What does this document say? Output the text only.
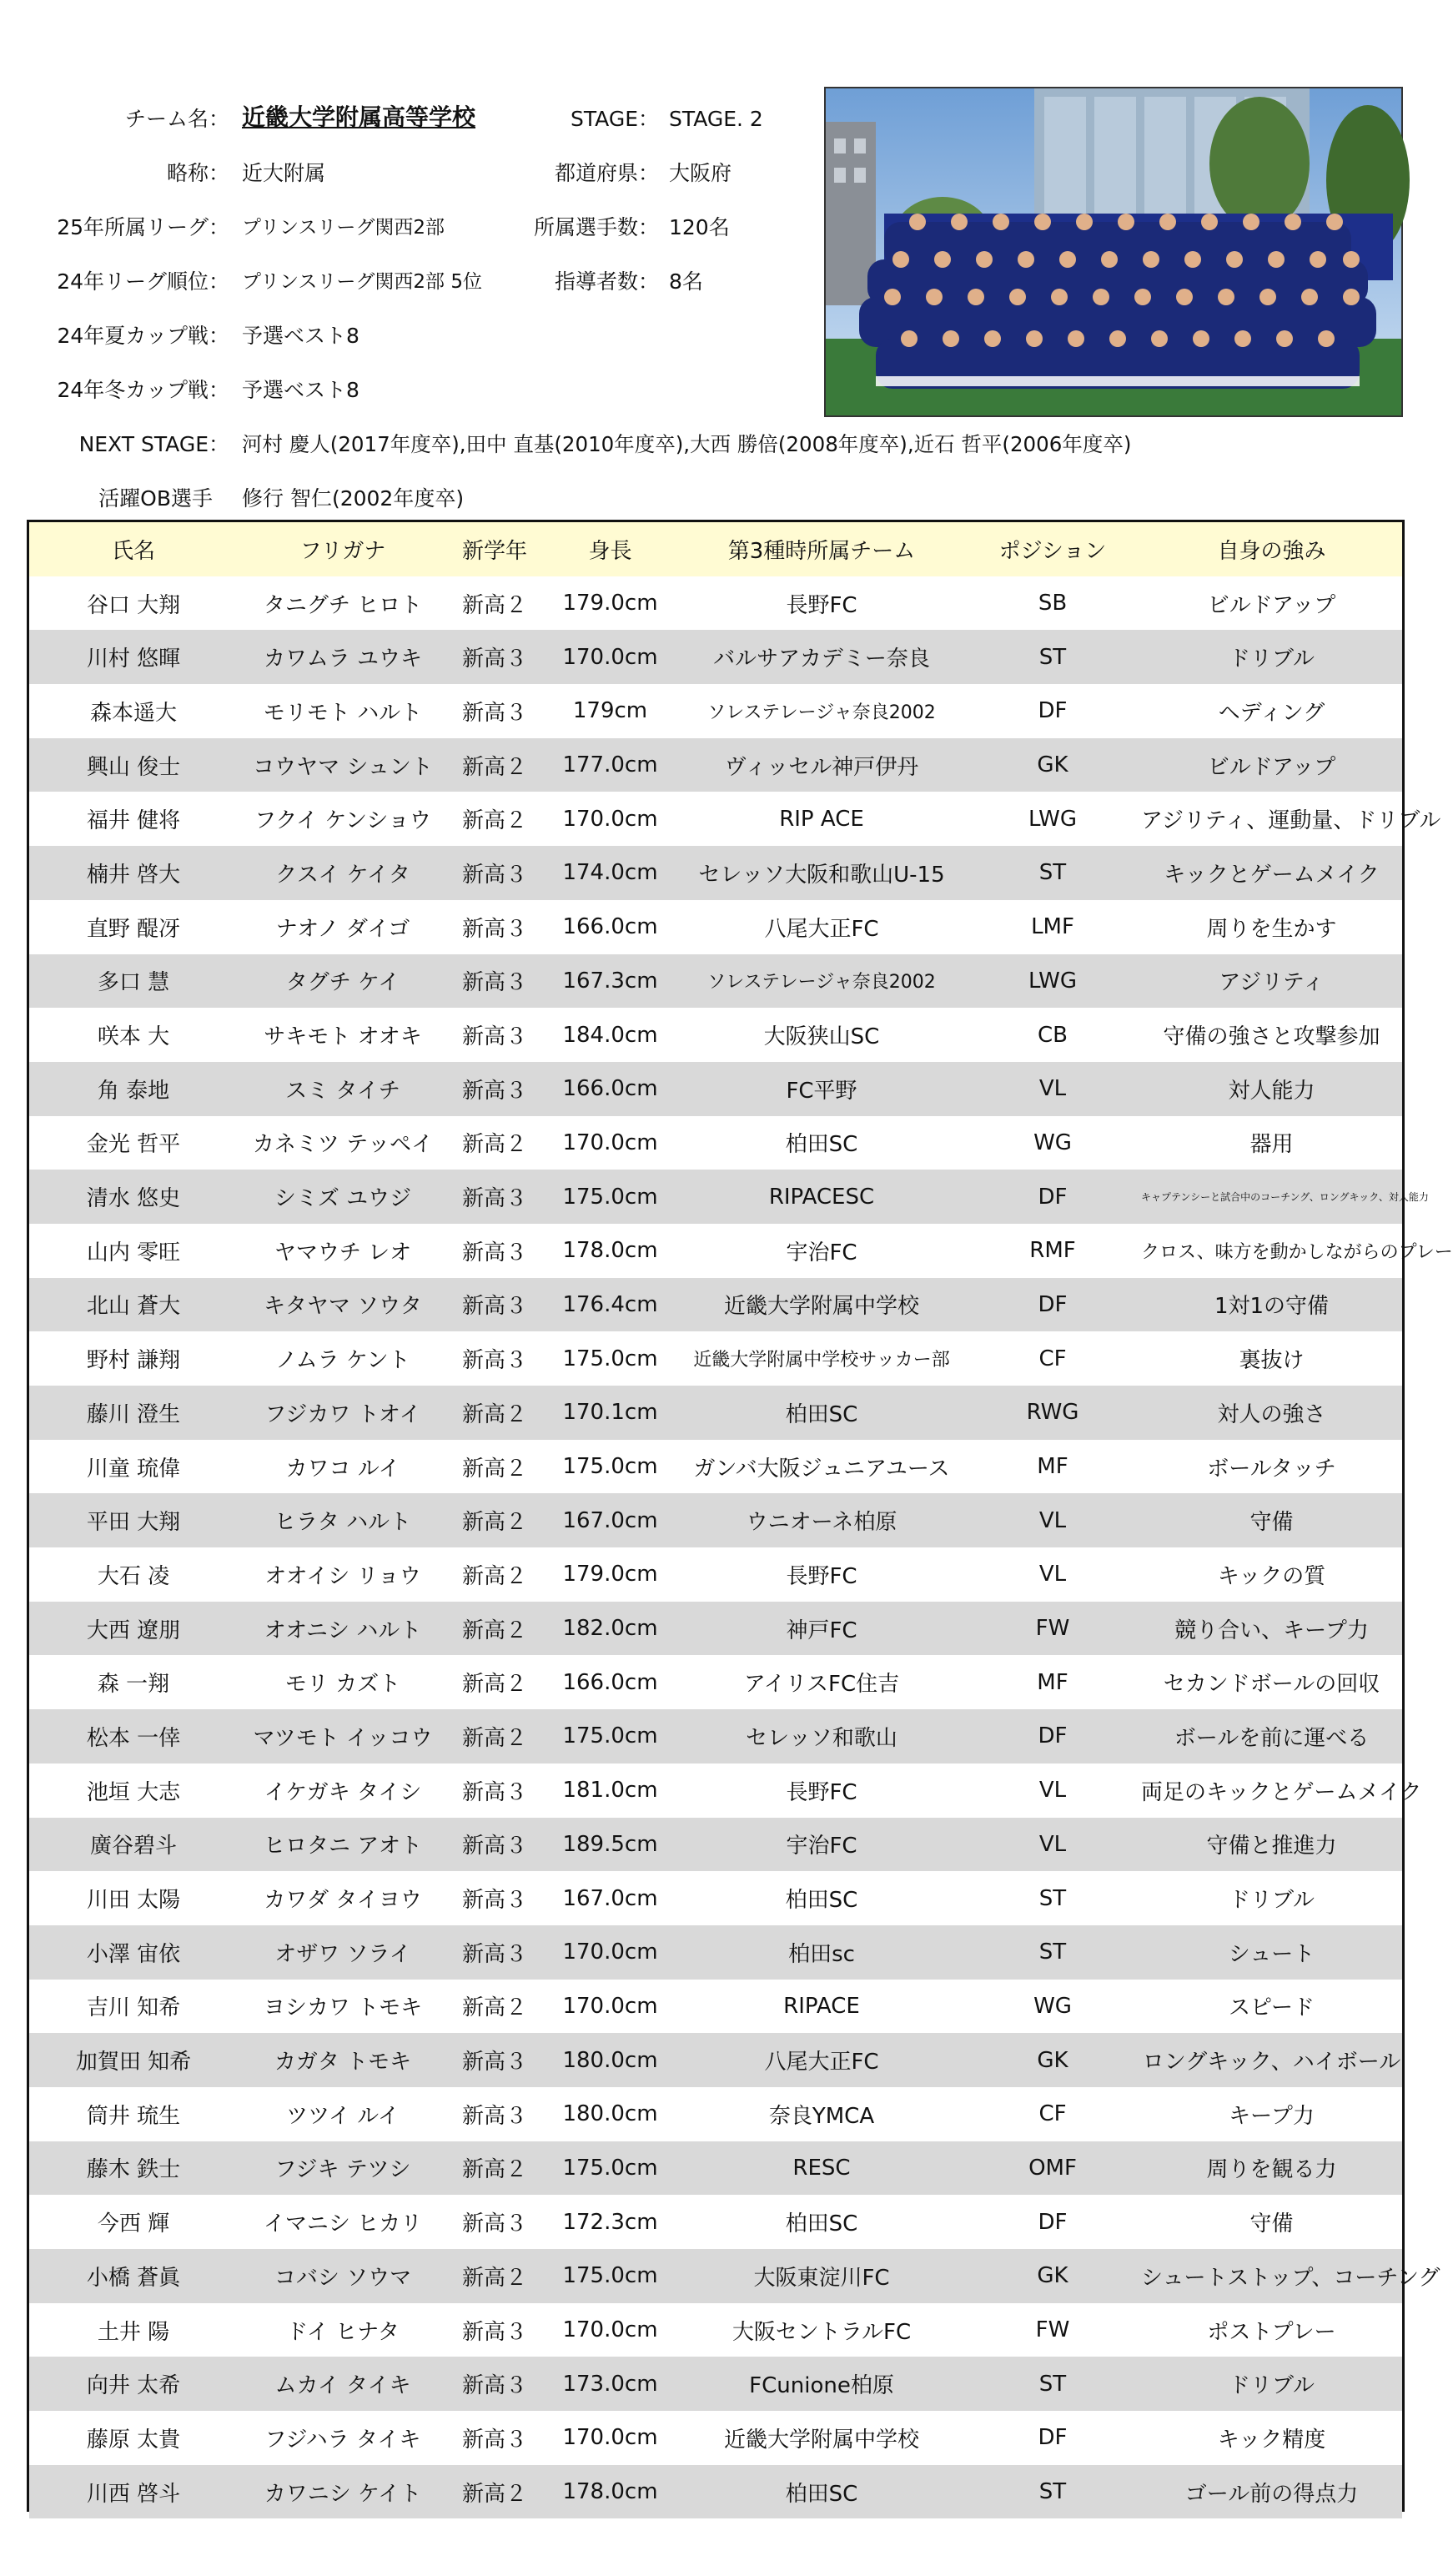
チーム名： 近畿大学附属高等学校	STAGE： STAGE. 2
略称： 近大附属	都道府県： 大阪府
25年所属リーグ： プリンスリーグ関西2部	所属選手数： 120名
24年リーグ順位： プリンスリーグ関西2部 5位	指導者数： 8名
24年夏カップ戦： 予選ベスト8
24年冬カップ戦： 予選ベスト8
NEXT STAGE： 河村 慶人(2017年度卒),田中 直基(2010年度卒),大西 勝倍(2008年度卒),近石 哲平(2006年度卒)
活躍OB選手 修行 智仁(2002年度卒)
氏名	フリガナ	新学年	身長	第3種時所属チーム	ポジション	自身の強み
谷口 大翔	タニグチ ヒロト	新高２	179.0cm	長野FC	SB	ビルドアップ
川村 悠暉	カワムラ ユウキ	新高３	170.0cm	バルサアカデミー奈良	ST	ドリブル
森本遥大	モリモト ハルト	新高３	179cm	ソレステレージャ奈良2002	DF	ヘディング
興山 俊士	コウヤマ シュント	新高２	177.0cm	ヴィッセル神戸伊丹	GK	ビルドアップ
福井 健将	フクイ ケンショウ	新高２	170.0cm	RIP ACE	LWG	アジリティ、運動量、ドリブル
楠井 啓大	クスイ ケイタ	新高３	174.0cm	セレッソ大阪和歌山U-15	ST	キックとゲームメイク
直野 醍冴	ナオノ ダイゴ	新高３	166.0cm	八尾大正FC	LMF	周りを生かす
多口 慧	タグチ ケイ	新高３	167.3cm	ソレステレージャ奈良2002	LWG	アジリティ
咲本 大	サキモト オオキ	新高３	184.0cm	大阪狭山SC	CB	守備の強さと攻撃参加
角 泰地	スミ タイチ	新高３	166.0cm	FC平野	VL	対人能力
金光 哲平	カネミツ テッペイ	新高２	170.0cm	柏田SC	WG	器用
清水 悠史	シミズ ユウジ	新高３	175.0cm	RIPACESC	DF	キャプテンシーと試合中のコーチング、ロングキック、対人能力
山内 零旺	ヤマウチ レオ	新高３	178.0cm	宇治FC	RMF	クロス、味方を動かしながらのプレー
北山 蒼大	キタヤマ ソウタ	新高３	176.4cm	近畿大学附属中学校	DF	1対1の守備
野村 謙翔	ノムラ ケント	新高３	175.0cm	近畿大学附属中学校サッカー部	CF	裏抜け
藤川 澄生	フジカワ トオイ	新高２	170.1cm	柏田SC	RWG	対人の強さ
川童 琉偉	カワコ ルイ	新高２	175.0cm	ガンバ大阪ジュニアユース	MF	ボールタッチ
平田 大翔	ヒラタ ハルト	新高２	167.0cm	ウニオーネ柏原	VL	守備
大石 凌	オオイシ リョウ	新高２	179.0cm	長野FC	VL	キックの質
大西 遼朋	オオニシ ハルト	新高２	182.0cm	神戸FC	FW	競り合い、キープ力
森 一翔	モリ カズト	新高２	166.0cm	アイリスFC住吉	MF	セカンドボールの回収
松本 一倖	マツモト イッコウ	新高２	175.0cm	セレッソ和歌山	DF	ボールを前に運べる
池垣 大志	イケガキ タイシ	新高３	181.0cm	長野FC	VL	両足のキックとゲームメイク
廣谷碧斗	ヒロタニ アオト	新高３	189.5cm	宇治FC	VL	守備と推進力
川田 太陽	カワダ タイヨウ	新高３	167.0cm	柏田SC	ST	ドリブル
小澤 宙依	オザワ ソライ	新高３	170.0cm	柏田sc	ST	シュート
吉川 知希	ヨシカワ トモキ	新高２	170.0cm	RIPACE	WG	スピード
加賀田 知希	カガタ トモキ	新高３	180.0cm	八尾大正FC	GK	ロングキック、ハイボール
筒井 琉生	ツツイ ルイ	新高３	180.0cm	奈良YMCA	CF	キープ力
藤木 鉄士	フジキ テツシ	新高２	175.0cm	RESC	OMF	周りを観る力
今西 輝	イマニシ ヒカリ	新高３	172.3cm	柏田SC	DF	守備
小橋 蒼眞	コバシ ソウマ	新高２	175.0cm	大阪東淀川FC	GK	シュートストップ、コーチング
土井 陽	ドイ ヒナタ	新高３	170.0cm	大阪セントラルFC	FW	ポストプレー
向井 太希	ムカイ タイキ	新高３	173.0cm	FCunione柏原	ST	ドリブル
藤原 太貴	フジハラ タイキ	新高３	170.0cm	近畿大学附属中学校	DF	キック精度
川西 啓斗	カワニシ ケイト	新高２	178.0cm	柏田SC	ST	ゴール前の得点力
